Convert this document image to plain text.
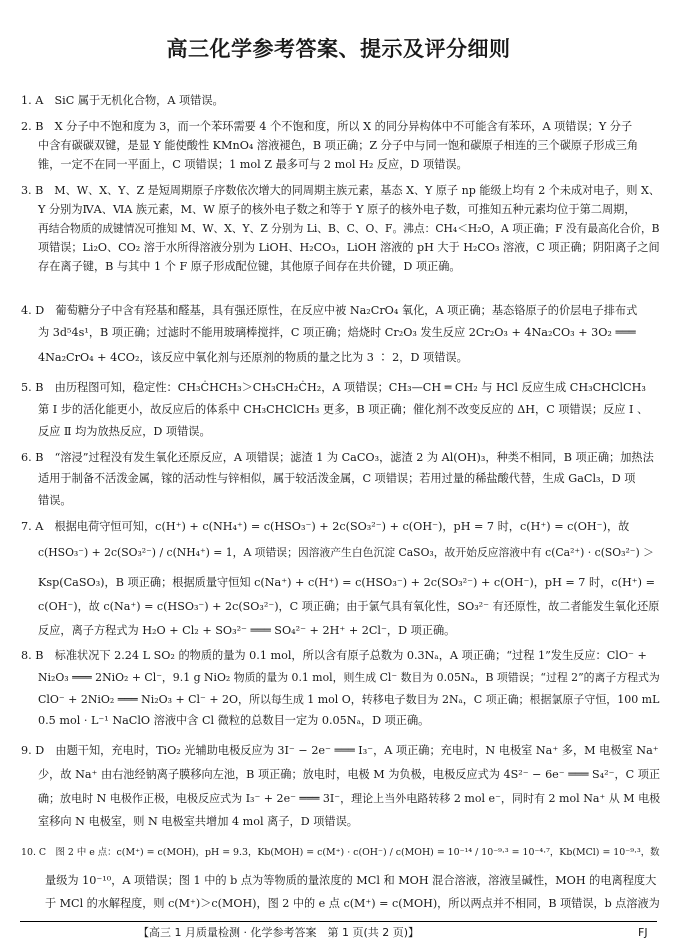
高三化学参考答案、提示及评分细则
1. A　SiC 属于无机化合物，A 项错误。
2. B　X 分子中不饱和度为 3，而一个苯环需要 4 个不饱和度，所以 X 的同分异构体中不可能含有苯环，A 项错误；Y 分子
中含有碳碳双键，是显 Y 能使酸性 KMnO₄ 溶液褪色，B 项正确；Z 分子中与同一饱和碳原子相连的三个碳原子形成三角
锥，一定不在同一平面上，C 项错误；1 mol Z 最多可与 2 mol H₂ 反应，D 项错误。
3. B　M、W、X、Y、Z 是短周期原子序数依次增大的同周期主族元素，基态 X、Y 原子 np 能级上均有 2 个未成对电子，则 X、
Y 分别为ⅣA、ⅥA 族元素，M、W 原子的核外电子数之和等于 Y 原子的核外电子数，可推知五种元素均位于第二周期，
再结合物质的成键情况可推知 M、W、X、Y、Z 分别为 Li、B、C、O、F。沸点：CH₄＜H₂O，A 项正确；F 没有最高化合价，B
项错误；Li₂O、CO₂ 溶于水所得溶液分别为 LiOH、H₂CO₃，LiOH 溶液的 pH 大于 H₂CO₃ 溶液，C 项正确；阴阳离子之间
存在离子键，B 与其中 1 个 F 原子形成配位键，其他原子间存在共价键，D 项正确。
4. D　葡萄糖分子中含有羟基和醛基，具有强还原性，在反应中被 Na₂CrO₄ 氧化，A 项正确；基态铬原子的价层电子排布式
为 3d⁵4s¹，B 项正确；过滤时不能用玻璃棒搅拌，C 项正确；焙烧时 Cr₂O₃ 发生反应 2Cr₂O₃ + 4Na₂CO₃ + 3O₂ ═══
4Na₂CrO₄ + 4CO₂，该反应中氧化剂与还原剂的物质的量之比为 3 ∶ 2，D 项错误。
5. B　由历程图可知，稳定性：CH₃ĊHCH₃＞CH₃CH₂ĊH₂，A 项错误；CH₃—CH ═ CH₂ 与 HCl 反应生成 CH₃CHClCH₃
第 Ⅰ 步的活化能更小，故反应后的体系中 CH₃CHClCH₃ 更多，B 项正确；催化剂不改变反应的 ΔH，C 项错误；反应 Ⅰ 、
反应 Ⅱ 均为放热反应，D 项错误。
6. B　“溶浸”过程没有发生氧化还原反应，A 项错误；滤渣 1 为 CaCO₃，滤渣 2 为 Al(OH)₃，种类不相同，B 项正确；加热法
适用于制备不活泼金属，镓的活动性与锌相似，属于较活泼金属，C 项错误；若用过量的稀盐酸代替，生成 GaCl₃，D 项
错误。
7. A　根据电荷守恒可知，c(H⁺) + c(NH₄⁺) = c(HSO₃⁻) + 2c(SO₃²⁻) + c(OH⁻)，pH = 7 时，c(H⁺) = c(OH⁻)，故
c(HSO₃⁻) + 2c(SO₃²⁻) / c(NH₄⁺) = 1，A 项错误；因溶液产生白色沉淀 CaSO₃，故开始反应溶液中有 c(Ca²⁺) · c(SO₃²⁻) ＞
Ksp(CaSO₃)，B 项正确；根据质量守恒知 c(Na⁺) + c(H⁺) = c(HSO₃⁻) + 2c(SO₃²⁻) + c(OH⁻)，pH = 7 时，c(H⁺) =
c(OH⁻)，故 c(Na⁺) = c(HSO₃⁻) + 2c(SO₃²⁻)，C 项正确；由于氯气具有氧化性，SO₃²⁻ 有还原性，故二者能发生氧化还原
反应，离子方程式为 H₂O + Cl₂ + SO₃²⁻ ═══ SO₄²⁻ + 2H⁺ + 2Cl⁻，D 项正确。
8. B　标准状况下 2.24 L SO₂ 的物质的量为 0.1 mol，所以含有原子总数为 0.3Nₐ，A 项正确；“过程 1”发生反应：ClO⁻ +
Ni₂O₃ ═══ 2NiO₂ + Cl⁻，9.1 g NiO₂ 物质的量为 0.1 mol，则生成 Cl⁻ 数目为 0.05Nₐ，B 项错误；“过程 2”的离子方程式为
ClO⁻ + 2NiO₂ ═══ Ni₂O₃ + Cl⁻ + 2O，所以每生成 1 mol O，转移电子数目为 2Nₐ，C 项正确；根据氯原子守恒，100 mL
0.5 mol · L⁻¹ NaClO 溶液中含 Cl 微粒的总数目一定为 0.05Nₐ，D 项正确。
9. D　由题干知，充电时，TiO₂ 光辅助电极反应为 3I⁻ − 2e⁻ ═══ I₃⁻，A 项正确；充电时，N 电极室 Na⁺ 多，M 电极室 Na⁺
少，故 Na⁺ 由右池经钠离子膜移向左池，B 项正确；放电时，电极 M 为负极，电极反应式为 4S²⁻ − 6e⁻ ═══ S₄²⁻，C 项正
确；放电时 N 电极作正极，电极反应式为 I₃⁻ + 2e⁻ ═══ 3I⁻，理论上当外电路转移 2 mol e⁻，同时有 2 mol Na⁺ 从 M 电极
室移向 N 电极室，则 N 电极室共增加 4 mol 离子，D 项错误。
10. C　图 2 中 e 点：c(M⁺) = c(MOH)，pH = 9.3，Kb(MOH) = c(M⁺) · c(OH⁻) / c(MOH) = 10⁻¹⁴ / 10⁻⁹·³ = 10⁻⁴·⁷，Kb(MCl) = 10⁻⁹·³，数
量级为 10⁻¹⁰，A 项错误；图 1 中的 b 点为等物质的量浓度的 MCl 和 MOH 混合溶液，溶液呈碱性，MOH 的电离程度大
于 MCl 的水解程度，则 c(M⁺)＞c(MOH)，图 2 中的 e 点 c(M⁺) = c(MOH)，所以两点并不相同，B 项错误，b 点溶液为
【高三 1 月质量检测 · 化学参考答案　第 1 页(共 2 页)】	FJ
